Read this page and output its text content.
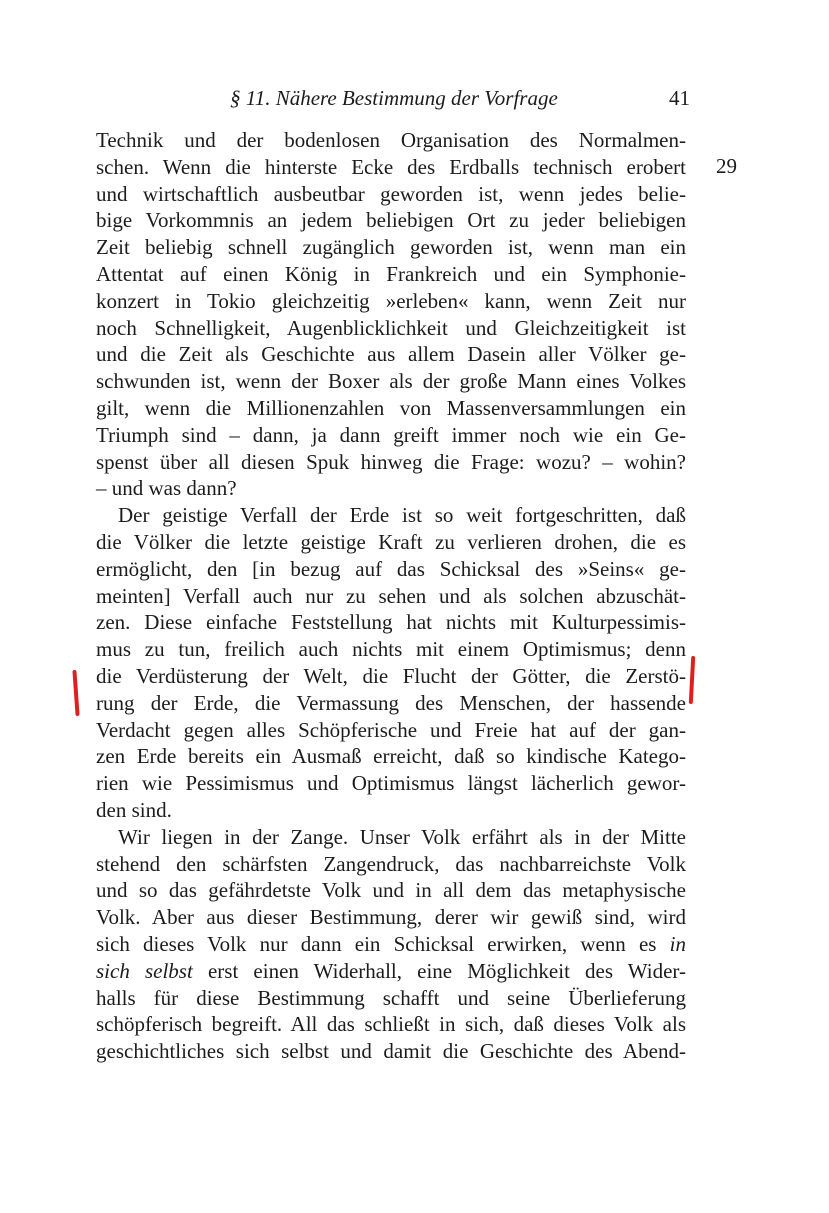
§ 11. Nähere Bestimmung der Vorfrage	41
29
Technik und der bodenlosen Organisation des Normalmen-
schen. Wenn die hinterste Ecke des Erdballs technisch erobert
und wirtschaftlich ausbeutbar geworden ist, wenn jedes belie-
bige Vorkommnis an jedem beliebigen Ort zu jeder beliebigen
Zeit beliebig schnell zugänglich geworden ist, wenn man ein
Attentat auf einen König in Frankreich und ein Symphonie-
konzert in Tokio gleichzeitig »erleben« kann, wenn Zeit nur
noch Schnelligkeit, Augenblicklichkeit und Gleichzeitigkeit ist
und die Zeit als Geschichte aus allem Dasein aller Völker ge-
schwunden ist, wenn der Boxer als der große Mann eines Volkes
gilt, wenn die Millionenzahlen von Massenversammlungen ein
Triumph sind – dann, ja dann greift immer noch wie ein Ge-
spenst über all diesen Spuk hinweg die Frage: wozu? – wohin?
– und was dann?
Der geistige Verfall der Erde ist so weit fortgeschritten, daß
die Völker die letzte geistige Kraft zu verlieren drohen, die es
ermöglicht, den [in bezug auf das Schicksal des »Seins« ge-
meinten] Verfall auch nur zu sehen und als solchen abzuschät-
zen. Diese einfache Feststellung hat nichts mit Kulturpessimis-
mus zu tun, freilich auch nichts mit einem Optimismus; denn
die Verdüsterung der Welt, die Flucht der Götter, die Zerstö-
rung der Erde, die Vermassung des Menschen, der hassende
Verdacht gegen alles Schöpferische und Freie hat auf der gan-
zen Erde bereits ein Ausmaß erreicht, daß so kindische Katego-
rien wie Pessimismus und Optimismus längst lächerlich gewor-
den sind.
Wir liegen in der Zange. Unser Volk erfährt als in der Mitte
stehend den schärfsten Zangendruck, das nachbarreichste Volk
und so das gefährdetste Volk und in all dem das metaphysische
Volk. Aber aus dieser Bestimmung, derer wir gewiß sind, wird
sich dieses Volk nur dann ein Schicksal erwirken, wenn es in
sich selbst erst einen Widerhall, eine Möglichkeit des Wider-
halls für diese Bestimmung schafft und seine Überlieferung
schöpferisch begreift. All das schließt in sich, daß dieses Volk als
geschichtliches sich selbst und damit die Geschichte des Abend-
